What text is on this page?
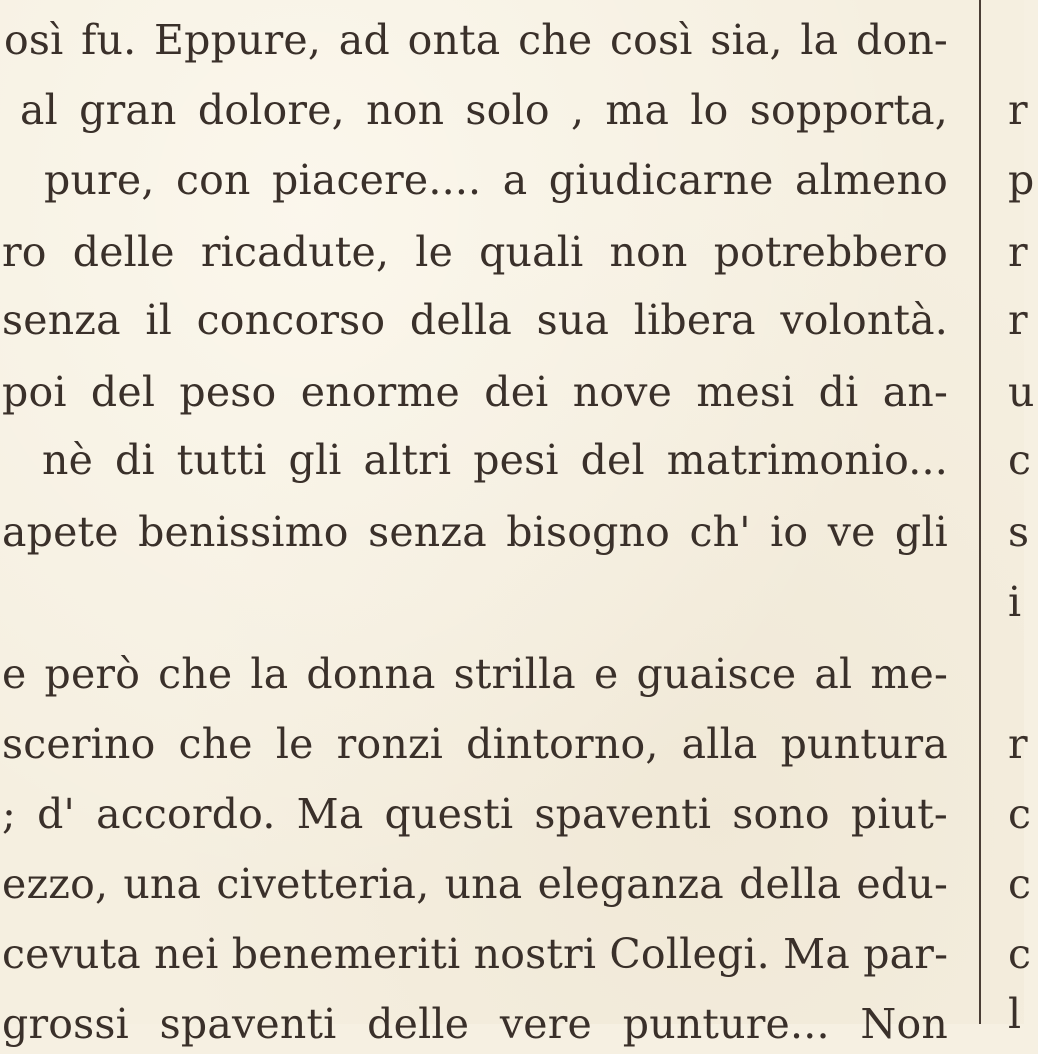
osì fu. Eppure, ad onta che così sia, la don-
al gran dolore, non solo , ma lo sopporta,
pure, con piacere.... a giudicarne almeno
ro delle ricadute, le quali non potrebbero
senza il concorso della sua libera volontà.
poi del peso enorme dei nove mesi di an-
nè di tutti gli altri pesi del matrimonio...
apete benissimo senza bisogno ch' io ve gli
e però che la donna strilla e guaisce al me-
scerino che le ronzi dintorno, alla puntura
; d' accordo. Ma questi spaventi sono piut-
ezzo, una civetteria, una eleganza della edu-
cevuta nei benemeriti nostri Collegi. Ma par-
grossi spaventi delle vere punture... Non
r
p
r
r
u
c
s
i
r
c
c
c
l
